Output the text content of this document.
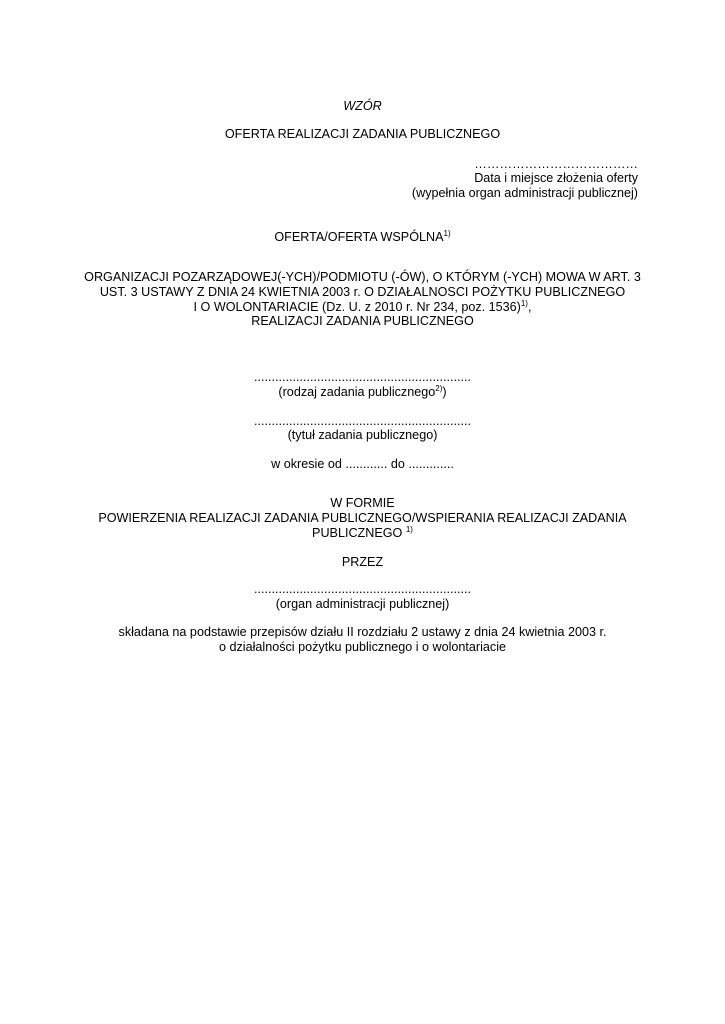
WZÓR
OFERTA REALIZACJI ZADANIA PUBLICZNEGO
…………………………………
Data i miejsce złożenia oferty
(wypełnia organ administracji publicznej)
OFERTA/OFERTA WSPÓLNA$^{1)}$
ORGANIZACJI POZARZĄDOWEJ(-YCH)/PODMIOTU (-ÓW), O KTÓRYM (-YCH) MOWA W ART. 3
UST. 3 USTAWY Z DNIA 24 KWIETNIA 2003 r. O DZIAŁALNOSCI POŻYTKU PUBLICZNEGO
I O WOLONTARIACIE (Dz. U. z 2010 r. Nr 234, poz. 1536)$^{1)}$,
REALIZACJI ZADANIA PUBLICZNEGO
..............................................................
(rodzaj zadania publicznego$^{2)}$)
..............................................................
(tytuł zadania publicznego)
w okresie od ............ do .............
W FORMIE
POWIERZENIA REALIZACJI ZADANIA PUBLICZNEGO/WSPIERANIA REALIZACJI ZADANIA
PUBLICZNEGO $^{1)}$
PRZEZ
..............................................................
(organ administracji publicznej)
składana na podstawie przepisów działu II rozdziału 2 ustawy z dnia 24 kwietnia 2003 r.
o działalności pożytku publicznego i o wolontariacie
